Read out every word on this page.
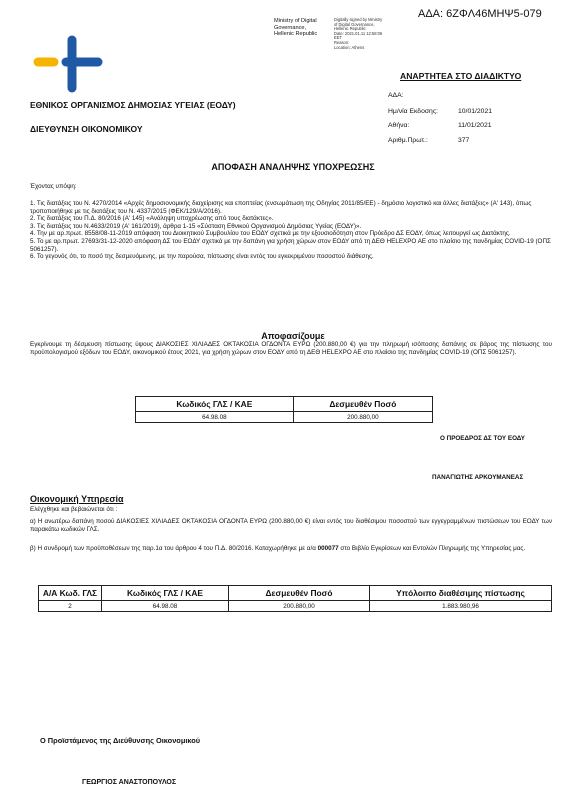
ΑΔΑ: 6ΖΦΛ46ΜΗΨ5-079
Ministry of Digital
Governance,
Hellenic Republic
Digitally signed by Ministry
of Digital Governance,
Hellenic Republic
Date: 2021.01.11 12:58:06
EET
Reason:
Location: Athens
ΑΝΑΡΤΗΤΕΑ ΣΤΟ ΔΙΑΔΙΚΤΥΟ
ΕΘΝΙΚΟΣ ΟΡΓΑΝΙΣΜΟΣ ΔΗΜΟΣΙΑΣ ΥΓΕΙΑΣ (ΕΟΔΥ)
ΔΙΕΥΘΥΝΣΗ ΟΙΚΟΝΟΜΙΚΟΥ
ΑΔΑ:
Ημ/νία Εκδοσης:	10/01/2021
Αθήνα:	11/01/2021
Αριθμ.Πρωτ.:	377
ΑΠΟΦΑΣΗ ΑΝΑΛΗΨΗΣ ΥΠΟΧΡΕΩΣΗΣ
Έχοντας υπόψη:

1. Τις διατάξεις του Ν. 4270/2014 «Αρχές δημοσιονομικής διαχείρισης και εποπτείας (ενσωμάτωση της Οδηγίας 2011/85/ΕΕ) - δημόσιο λογιστικό και άλλες διατάξεις» (Α' 143), όπως τροποποιήθηκε με τις διατάξεις του Ν. 4337/2015 (ΦΕΚ/129/Α/2016).

2. Τις διατάξεις του Π.Δ. 80/2016 (Α' 145) «Ανάληψη υποχρέωσης από τους διατάκτες».

3. Τις διατάξεις του Ν.4633/2019 (Α' 161/2019), άρθρα 1-15 «Σύσταση Εθνικού Οργανισμού Δημόσιας Υγείας (ΕΟΔΥ)».

4. Την με αρ.πρωτ. 8558/08-11-2019 απόφαση του Διοικητικού Συμβουλίου του ΕΟΔΥ σχετικά με την εξουσιοδότηση στον Πρόεδρο ΔΣ ΕΟΔΥ, όπως λειτουργεί ως Διατάκτης.

5. Το με αρ.πρωτ. 27693/31-12-2020 απόφαση ΔΣ του ΕΟΔΥ σχετικά με την δαπάνη για χρήση χώρων στον ΕΟΔΥ από τη ΔΕΘ HELEXPO AE στο πλαίσιο της πανδημίας COVID-19 (ΟΠΣ 5061257).

6. Το γεγονός ότι, το ποσό της δεσμευόμενης, με την παρούσα, πίστωσης είναι εντός του εγκεκριμένου ποσοστού διάθεσης.

Αποφασίζουμε
Εγκρίνουμε τη δέσμευση πίστωσης ύψους ΔΙΑΚΟΣΙΕΣ ΧΙΛΙΑΔΕΣ ΟΚΤΑΚΟΣΙΑ ΟΓΔΟΝΤΑ ΕΥΡΩ (200.880,00 €) για την πληρωμή ισόποσης δαπάνης σε βάρος της πίστωσης του προϋπολογισμού εξόδων του ΕΟΔΥ, οικονομικού έτους 2021, για χρήση χώρων στον ΕΟΔΥ από τη ΔΕΘ HELEXPO AE στο πλαίσιο της πανδημίας COVID-19 (ΟΠΣ 5061257).
Κωδικός ΓΛΣ / ΚΑΕ	Δεσμευθέν Ποσό
64.98.08	200.880,00
Ο ΠΡΟΕΔΡΟΣ ΔΣ ΤΟΥ ΕΟΔΥ
ΠΑΝΑΓΙΩΤΗΣ ΑΡΚΟΥΜΑΝΕΑΣ
Οικονομική Υπηρεσία
Ελέγχθηκε και βεβαιώνεται ότι :
α) Η ανωτέρω δαπάνη ποσού ΔΙΑΚΟΣΙΕΣ ΧΙΛΙΑΔΕΣ ΟΚΤΑΚΟΣΙΑ ΟΓΔΟΝΤΑ ΕΥΡΩ (200.880,00 €) είναι εντός του διαθέσιμου ποσοστού των εγγεγραμμένων πιστώσεων του ΕΟΔΥ των παρακάτω κωδικών ΓΛΣ.
β) Η συνδρομή των προϋποθέσεων της παρ.1α του άρθρου 4 του Π.Δ. 80/2016. Καταχωρήθηκε με α/α 000077 στο Βιβλίο Εγκρίσεων και Εντολών Πληρωμής της Υπηρεσίας μας.
Α/Α Κωδ. ΓΛΣ	Κωδικός ΓΛΣ / ΚΑΕ	Δεσμευθέν Ποσό	Υπόλοιπο διαθέσιμης πίστωσης
2	64.98.08	200.880,00	1.883.980,96
Ο Προϊστάμενος της Διεύθυνσης Οικονομικού
ΓΕΩΡΓΙΟΣ ΑΝΑΣΤΟΠΟΥΛΟΣ
